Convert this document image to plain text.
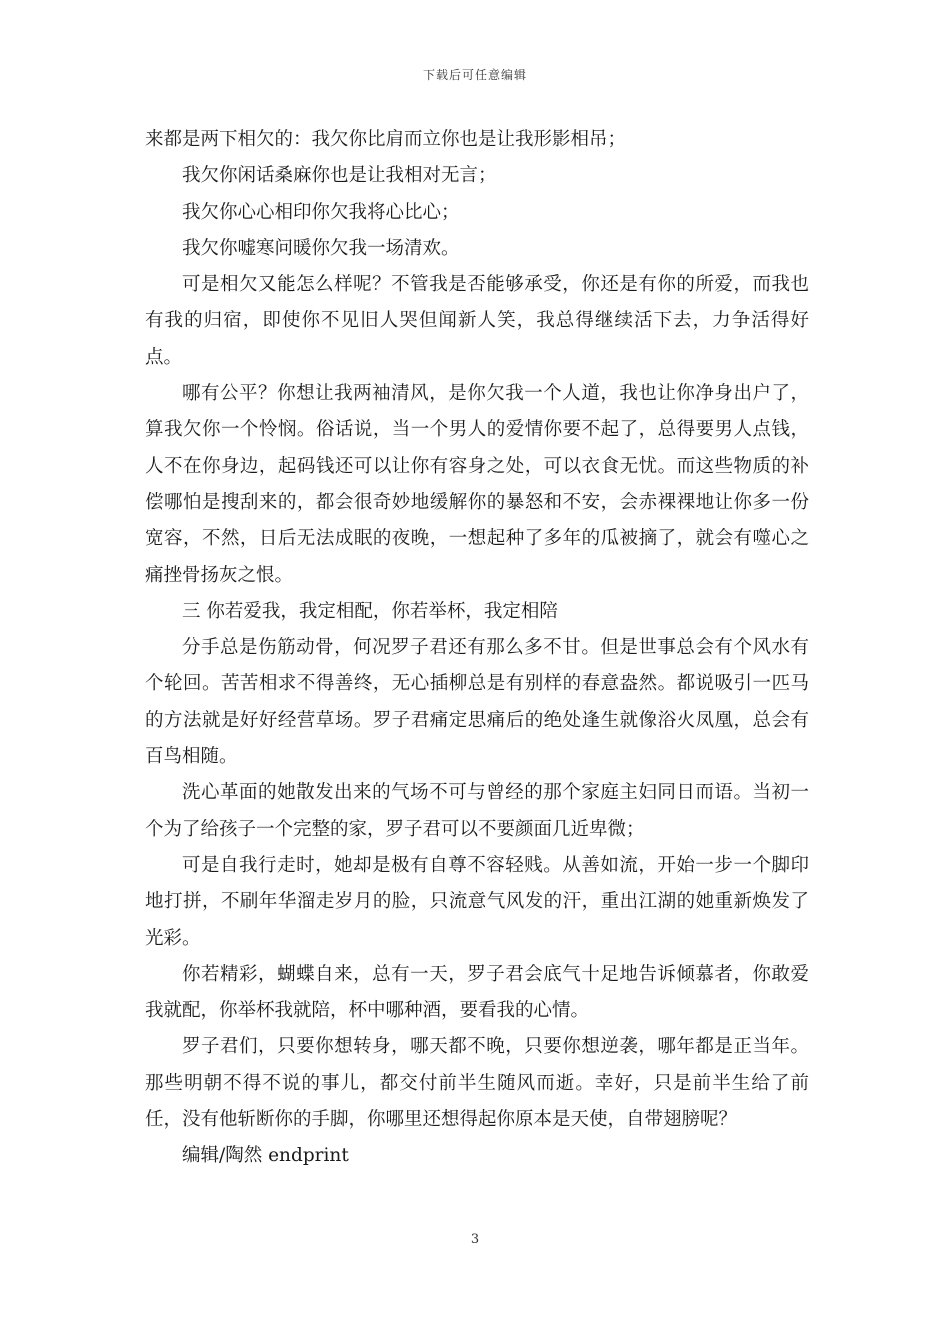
下载后可任意编辑

来都是两下相欠的：我欠你比肩而立你也是让我形影相吊；

我欠你闲话桑麻你也是让我相对无言；

我欠你心心相印你欠我将心比心；

我欠你嘘寒问暖你欠我一场清欢。

可是相欠又能怎么样呢？不管我是否能够承受，你还是有你的所爱，而我也有我的归宿，即使你不见旧人哭但闻新人笑，我总得继续活下去，力争活得好点。

哪有公平？你想让我两袖清风，是你欠我一个人道，我也让你净身出户了，算我欠你一个怜悯。俗话说，当一个男人的爱情你要不起了，总得要男人点钱，人不在你身边，起码钱还可以让你有容身之处，可以衣食无忧。而这些物质的补偿哪怕是搜刮来的，都会很奇妙地缓解你的暴怒和不安，会赤裸裸地让你多一份宽容，不然，日后无法成眠的夜晚，一想起种了多年的瓜被摘了，就会有噬心之痛挫骨扬灰之恨。

三 你若爱我，我定相配，你若举杯，我定相陪

分手总是伤筋动骨，何况罗子君还有那么多不甘。但是世事总会有个风水有个轮回。苦苦相求不得善终，无心插柳总是有别样的春意盎然。都说吸引一匹马的方法就是好好经营草场。罗子君痛定思痛后的绝处逢生就像浴火凤凰，总会有百鸟相随。

洗心革面的她散发出来的气场不可与曾经的那个家庭主妇同日而语。当初一个为了给孩子一个完整的家，罗子君可以不要颜面几近卑微；

可是自我行走时，她却是极有自尊不容轻贱。从善如流，开始一步一个脚印地打拼，不刷年华溜走岁月的脸，只流意气风发的汗，重出江湖的她重新焕发了光彩。

你若精彩，蝴蝶自来，总有一天，罗子君会底气十足地告诉倾慕者，你敢爱我就配，你举杯我就陪，杯中哪种酒，要看我的心情。

罗子君们，只要你想转身，哪天都不晚，只要你想逆袭，哪年都是正当年。那些明朝不得不说的事儿，都交付前半生随风而逝。幸好，只是前半生给了前任，没有他斩断你的手脚，你哪里还想得起你原本是天使，自带翅膀呢？

编辑/陶然 endprint

3
